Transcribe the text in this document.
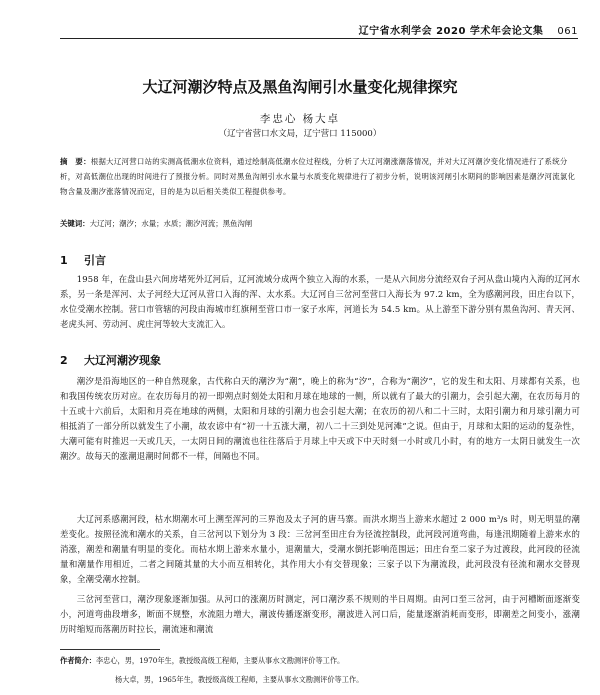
辽宁省水利学会 2020 学术年会论文集 061
大辽河潮汐特点及黑鱼沟闸引水量变化规律探究
李忠心 杨大卓
（辽宁省营口水文局，辽宁营口 115000）
摘　要：根据大辽河营口站的实测高低潮水位资料，通过绘制高低潮水位过程线，分析了大辽河潮涨潮落情况，并对大辽河潮汐变化情况进行了系统分析，对高低潮位出现的时间进行了预报分析。同时对黑鱼沟闸引水水量与水质变化规律进行了初步分析，说明该河闸引水期间的影响因素是潮汐河流氯化物含量及潮汐涨落情况而定，目的是为以后相关类似工程提供参考。
关键词：大辽河；潮汐；水量；水质；潮汐河流；黑鱼沟闸
1 引言
1958 年，在盘山县六间房堵死外辽河后，辽河流域分成两个独立入海的水系，一是从六间房分流经双台子河从盘山境内入海的辽河水系，另一条是浑河、太子河经大辽河从营口入海的浑、太水系。大辽河自三岔河至营口入海长为 97.2 km，全为感潮河段，田庄台以下，水位受潮水控制。营口市管辖的河段由海城市红旗闸至营口市一家子水库，河道长为 54.5 km。从上游至下游分别有黑鱼沟河、青天河、老虎头河、劳动河、虎庄河等较大支流汇入。
2 大辽河潮汐现象
潮汐是沿海地区的一种自然现象，古代称白天的潮汐为“潮”，晚上的称为“汐”，合称为“潮汐”，它的发生和太阳、月球都有关系，也和我国传统农历对应。在农历每月的初一即朔点时刻处太阳和月球在地球的一侧，所以就有了最大的引潮力，会引起大潮，在农历每月的十五或十六前后，太阳和月亮在地球的两侧，太阳和月球的引潮力也会引起大潮；在农历的初八和二十三时，太阳引潮力和月球引潮力可相抵消了一部分所以就发生了小潮，故农谚中有“初一十五涨大潮，初八二十三到处见河滩”之说。但由于，月球和太阳的运动的复杂性，大潮可能有时推迟一天或几天，一太阴日间的潮流也往往落后于月球上中天或下中天时刻一小时或几小时，有的地方一太阴日就发生一次潮汐。故每天的涨潮退潮时间都不一样，间隔也不同。
大辽河系感潮河段，枯水期潮水可上溯至浑河的三界泡及太子河的唐马寨。而洪水期当上游来水超过 2 000 m³/s 时，则无明显的潮差变化。按照径流和潮水的关系，自三岔河以下划分为 3 段：三岔河至田庄台为径流控制段，此河段河道弯曲，每逢汛期随着上游来水的消涨，潮差和潮量有明显的变化。而枯水期上游来水量小，退潮量大，受潮水倒托影响范围远；田庄台至二家子为过渡段，此河段的径流量和潮量作用相近，二者之间随其量的大小而互相转化，其作用大小有交替现象；三家子以下为潮流段，此河段没有径流和潮水交替现象，全潮受潮水控制。
三岔河至营口，潮汐现象逐渐加强。从河口的涨潮历时测定，河口潮汐系不规则的半日周期。由河口至三岔河，由于河槽断面逐渐变小，河道弯曲段增多，断面不规整，水流阻力增大，潮波传播逐渐变形，潮波进入河口后，能量逐渐消耗而变形，即潮差之间变小，涨潮历时缩短而落潮历时拉长，潮流速和潮流
作者简介：李忠心，男，1970年生，教授级高级工程师，主要从事水文勘测评价等工作。
杨大卓，男，1965年生，教授级高级工程师，主要从事水文勘测评价等工作。
